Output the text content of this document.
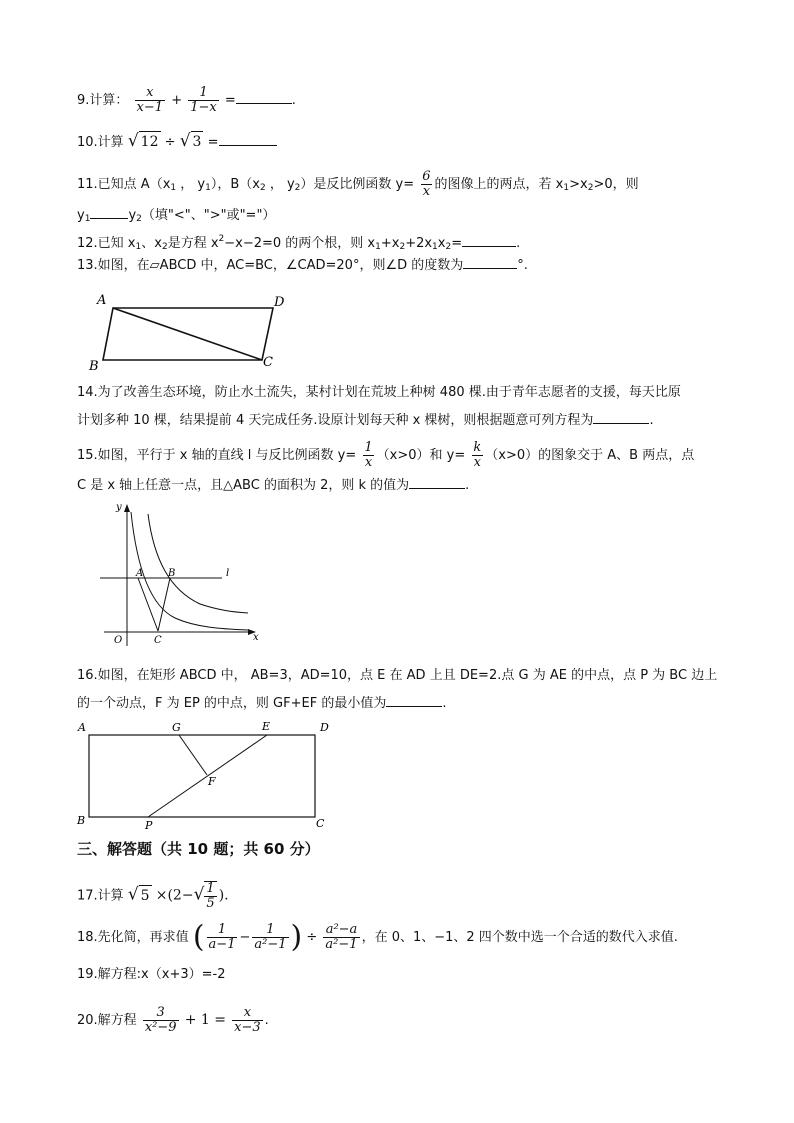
9.计算： $\frac{x}{x-1} + \frac{1}{1-x}$ =	.
10.计算 √ 12 ÷ √ 3 =
11.已知点 $A(x_1$ ， $y_1$），$B(x_2$ ， $y_2$）是反比例函数 $y= \frac{6}{x}$ 的图像上的两点，若 $x_1>x_2>0$，则
$y_1$	$y_2$（填"<"、">"或"="）
12.已知 $x_1$、$x_2$是方程 $x^2-x-2=0$ 的两个根，则 $x_1+x_2+2x_1x_2=$	.
13.如图，在▱ABCD 中，AC=BC，∠CAD=20°，则∠D 的度数为	°.
A	D
B	C
14.为了改善生态环境，防止水土流失，某村计划在荒坡上种树 480 棵.由于青年志愿者的支援，每天比原
计划多种 10 棵，结果提前 4 天完成任务.设原计划每天种 x 棵树，则根据题意可列方程为	.
15.如图，平行于 x 轴的直线 l 与反比例函数 $y= \frac{1}{x} (x>0)$和 $y= \frac{k}{x} (x>0)$的图象交于 A、B 两点，点
C 是 x 轴上任意一点，且△ABC 的面积为 2，则 k 的值为	.
y
x
O
A B
C
l
16.如图，在矩形 ABCD 中， AB=3，AD=10，点 E 在 AD 上且 DE=2.点 G 为 AE 的中点，点 P 为 BC 边上
的一个动点，F 为 EP 的中点，则 GF+EF 的最小值为	.
A	G	E	D
F
B	P	C
三、解答题（共 10 题；共 60 分）
17.计算 √ $5 \times(2-√ \frac{1}{5}$ ).
18.先化简，再求值 ( $\frac{1}{a-1} - \frac{1}{\text{a²−1}}$ ) ÷ $\frac{\text{a²−a}}{\text{a²−1}}$ ，在 0、1、−1、2 四个数中选一个合适的数代入求值.
19.解方程:x（x+3）=-2
20.解方程 $\frac{3}{\text{x²−9}} + 1 = \frac{x}{x-3}$ .
